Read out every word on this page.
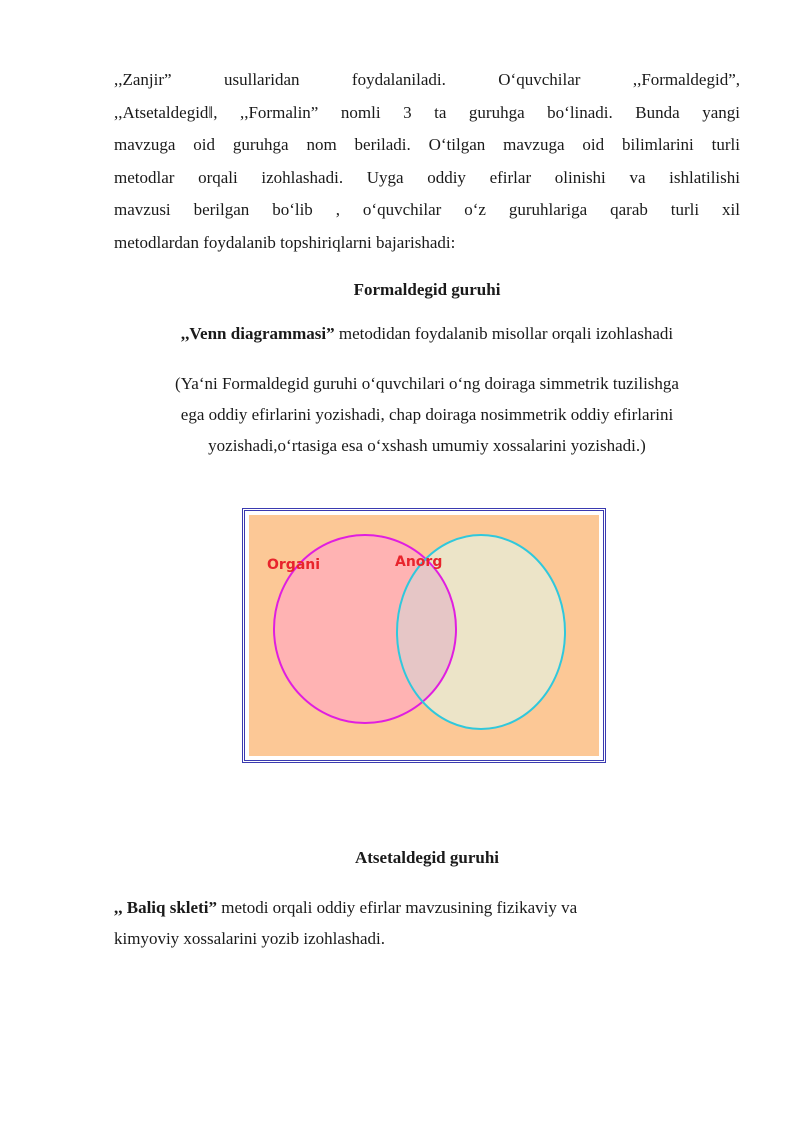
,,Zanjir” usullaridan foydalaniladi. O‘quvchilar ,,Formaldegid”,
,,Atsetaldegid‖, ,,Formalin” nomli 3 ta guruhga bo‘linadi. Bunda yangi
mavzuga oid guruhga nom beriladi. O‘tilgan mavzuga oid bilimlarini turli
metodlar orqali izohlashadi. Uyga oddiy efirlar olinishi va ishlatilishi
mavzusi berilgan bo‘lib , o‘quvchilar o‘z guruhlariga qarab turli xil
metodlardan foydalanib topshiriqlarni bajarishadi:
Formaldegid guruhi
,,Venn diagrammasi” metodidan foydalanib misollar orqali izohlashadi
(Ya‘ni Formaldegid guruhi o‘quvchilari o‘ng doiraga simmetrik tuzilishga
ega oddiy efirlarini yozishadi, chap doiraga nosimmetrik oddiy efirlarini
yozishadi,o‘rtasiga esa o‘xshash umumiy xossalarini yozishadi.)
Organi	Anorg
Atsetaldegid guruhi
,, Baliq skleti” metodi orqali oddiy efirlar mavzusining fizikaviy va
kimyoviy xossalarini yozib izohlashadi.
